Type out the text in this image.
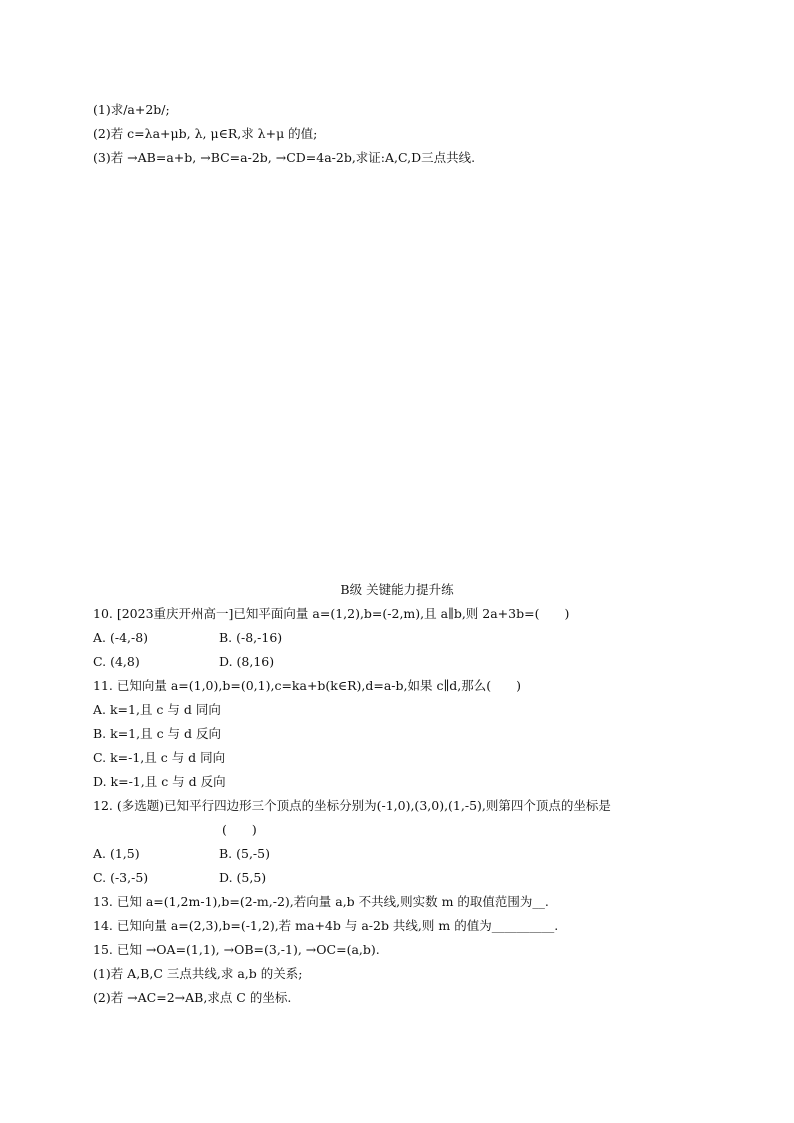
(1)求/a+2b/;
(2)若 c=λa+μb, λ, μ∈R,求 λ+μ 的值;
(3)若 →AB=a+b, →BC=a-2b, →CD=4a-2b,求证:A,C,D三点共线.
B级 关键能力提升练
10. [2023重庆开州高一]已知平面向量 a=(1,2),b=(-2,m),且 a∥b,则 2a+3b=(　　)
A. (-4,-8)	B. (-8,-16)
C. (4,8)	D. (8,16)
11. 已知向量 a=(1,0),b=(0,1),c=ka+b(k∈R),d=a-b,如果 c∥d,那么(　　)
A. k=1,且 c 与 d 同向
B. k=1,且 c 与 d 反向
C. k=-1,且 c 与 d 同向
D. k=-1,且 c 与 d 反向
12. (多选题)已知平行四边形三个顶点的坐标分别为(-1,0),(3,0),(1,-5),则第四个顶点的坐标是
(　　)
A. (1,5)	B. (5,-5)
C. (-3,-5)	D. (5,5)
13. 已知 a=(1,2m-1),b=(2-m,-2),若向量 a,b 不共线,则实数 m 的取值范围为__.
14. 已知向量 a=(2,3),b=(-1,2),若 ma+4b 与 a-2b 共线,则 m 的值为__________.
15. 已知 →OA=(1,1), →OB=(3,-1), →OC=(a,b).
(1)若 A,B,C 三点共线,求 a,b 的关系;
(2)若 →AC=2→AB,求点 C 的坐标.
